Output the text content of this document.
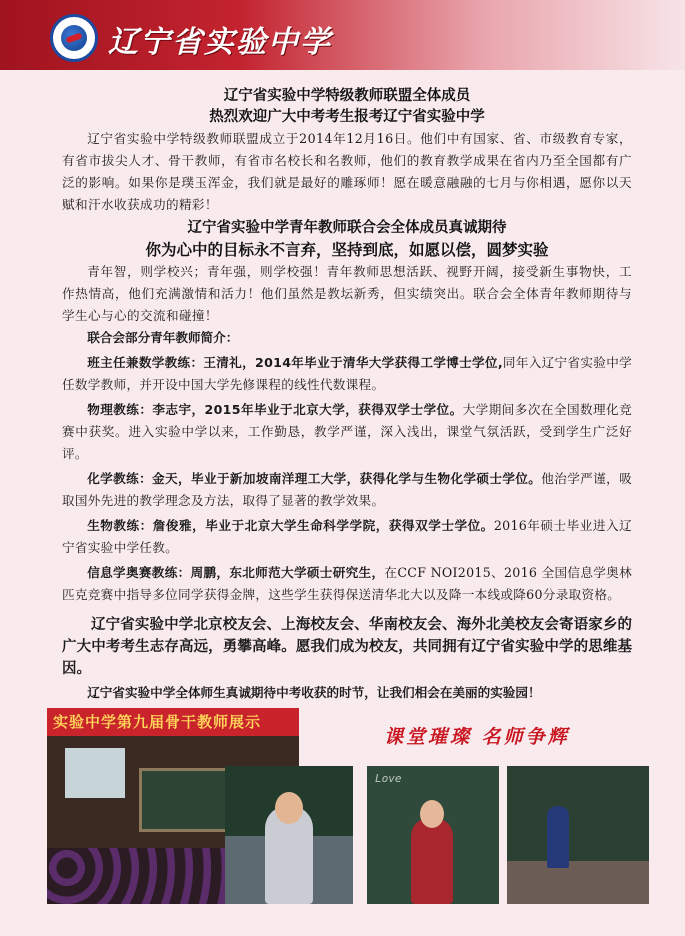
辽宁省实验中学

辽宁省实验中学特级教师联盟全体成员

热烈欢迎广大中考考生报考辽宁省实验中学

辽宁省实验中学特级教师联盟成立于2014年12月16日。他们中有国家、省、市级教育专家，有省市拔尖人才、骨干教师，有省市名校长和名教师，他们的教育教学成果在省内乃至全国都有广泛的影响。如果你是璞玉浑金，我们就是最好的雕琢师！愿在暖意融融的七月与你相遇，愿你以天赋和汗水收获成功的精彩！

辽宁省实验中学青年教师联合会全体成员真诚期待

你为心中的目标永不言弃，坚持到底，如愿以偿，圆梦实验

青年智，则学校兴；青年强，则学校强！青年教师思想活跃、视野开阔，接受新生事物快，工作热情高，他们充满激情和活力！他们虽然是教坛新秀，但实绩突出。联合会全体青年教师期待与学生心与心的交流和碰撞！

联合会部分青年教师简介：

班主任兼数学教练：王清礼，2014年毕业于清华大学获得工学博士学位,同年入辽宁省实验中学任数学教师，并开设中国大学先修课程的线性代数课程。

物理教练：李志宇，2015年毕业于北京大学，获得双学士学位。大学期间多次在全国数理化竞赛中获奖。进入实验中学以来，工作勤恳，教学严谨，深入浅出，课堂气氛活跃，受到学生广泛好评。

化学教练：金天，毕业于新加坡南洋理工大学，获得化学与生物化学硕士学位。他治学严谨，吸取国外先进的教学理念及方法，取得了显著的教学效果。

生物教练：詹俊雅，毕业于北京大学生命科学学院，获得双学士学位。2016年硕士毕业进入辽宁省实验中学任教。

信息学奥赛教练：周鹏，东北师范大学硕士研究生，在CCF NOI2015、2016 全国信息学奥林匹克竞赛中指导多位同学获得金牌，这些学生获得保送清华北大以及降一本线或降60分录取资格。

辽宁省实验中学北京校友会、上海校友会、华南校友会、海外北美校友会寄语家乡的广大中考考生志存高远，勇攀高峰。愿我们成为校友，共同拥有辽宁省实验中学的思维基因。

辽宁省实验中学全体师生真诚期待中考收获的时节，让我们相会在美丽的实验园！

实验中学第九届骨干教师展示
课堂璀璨 名师争辉
Love
